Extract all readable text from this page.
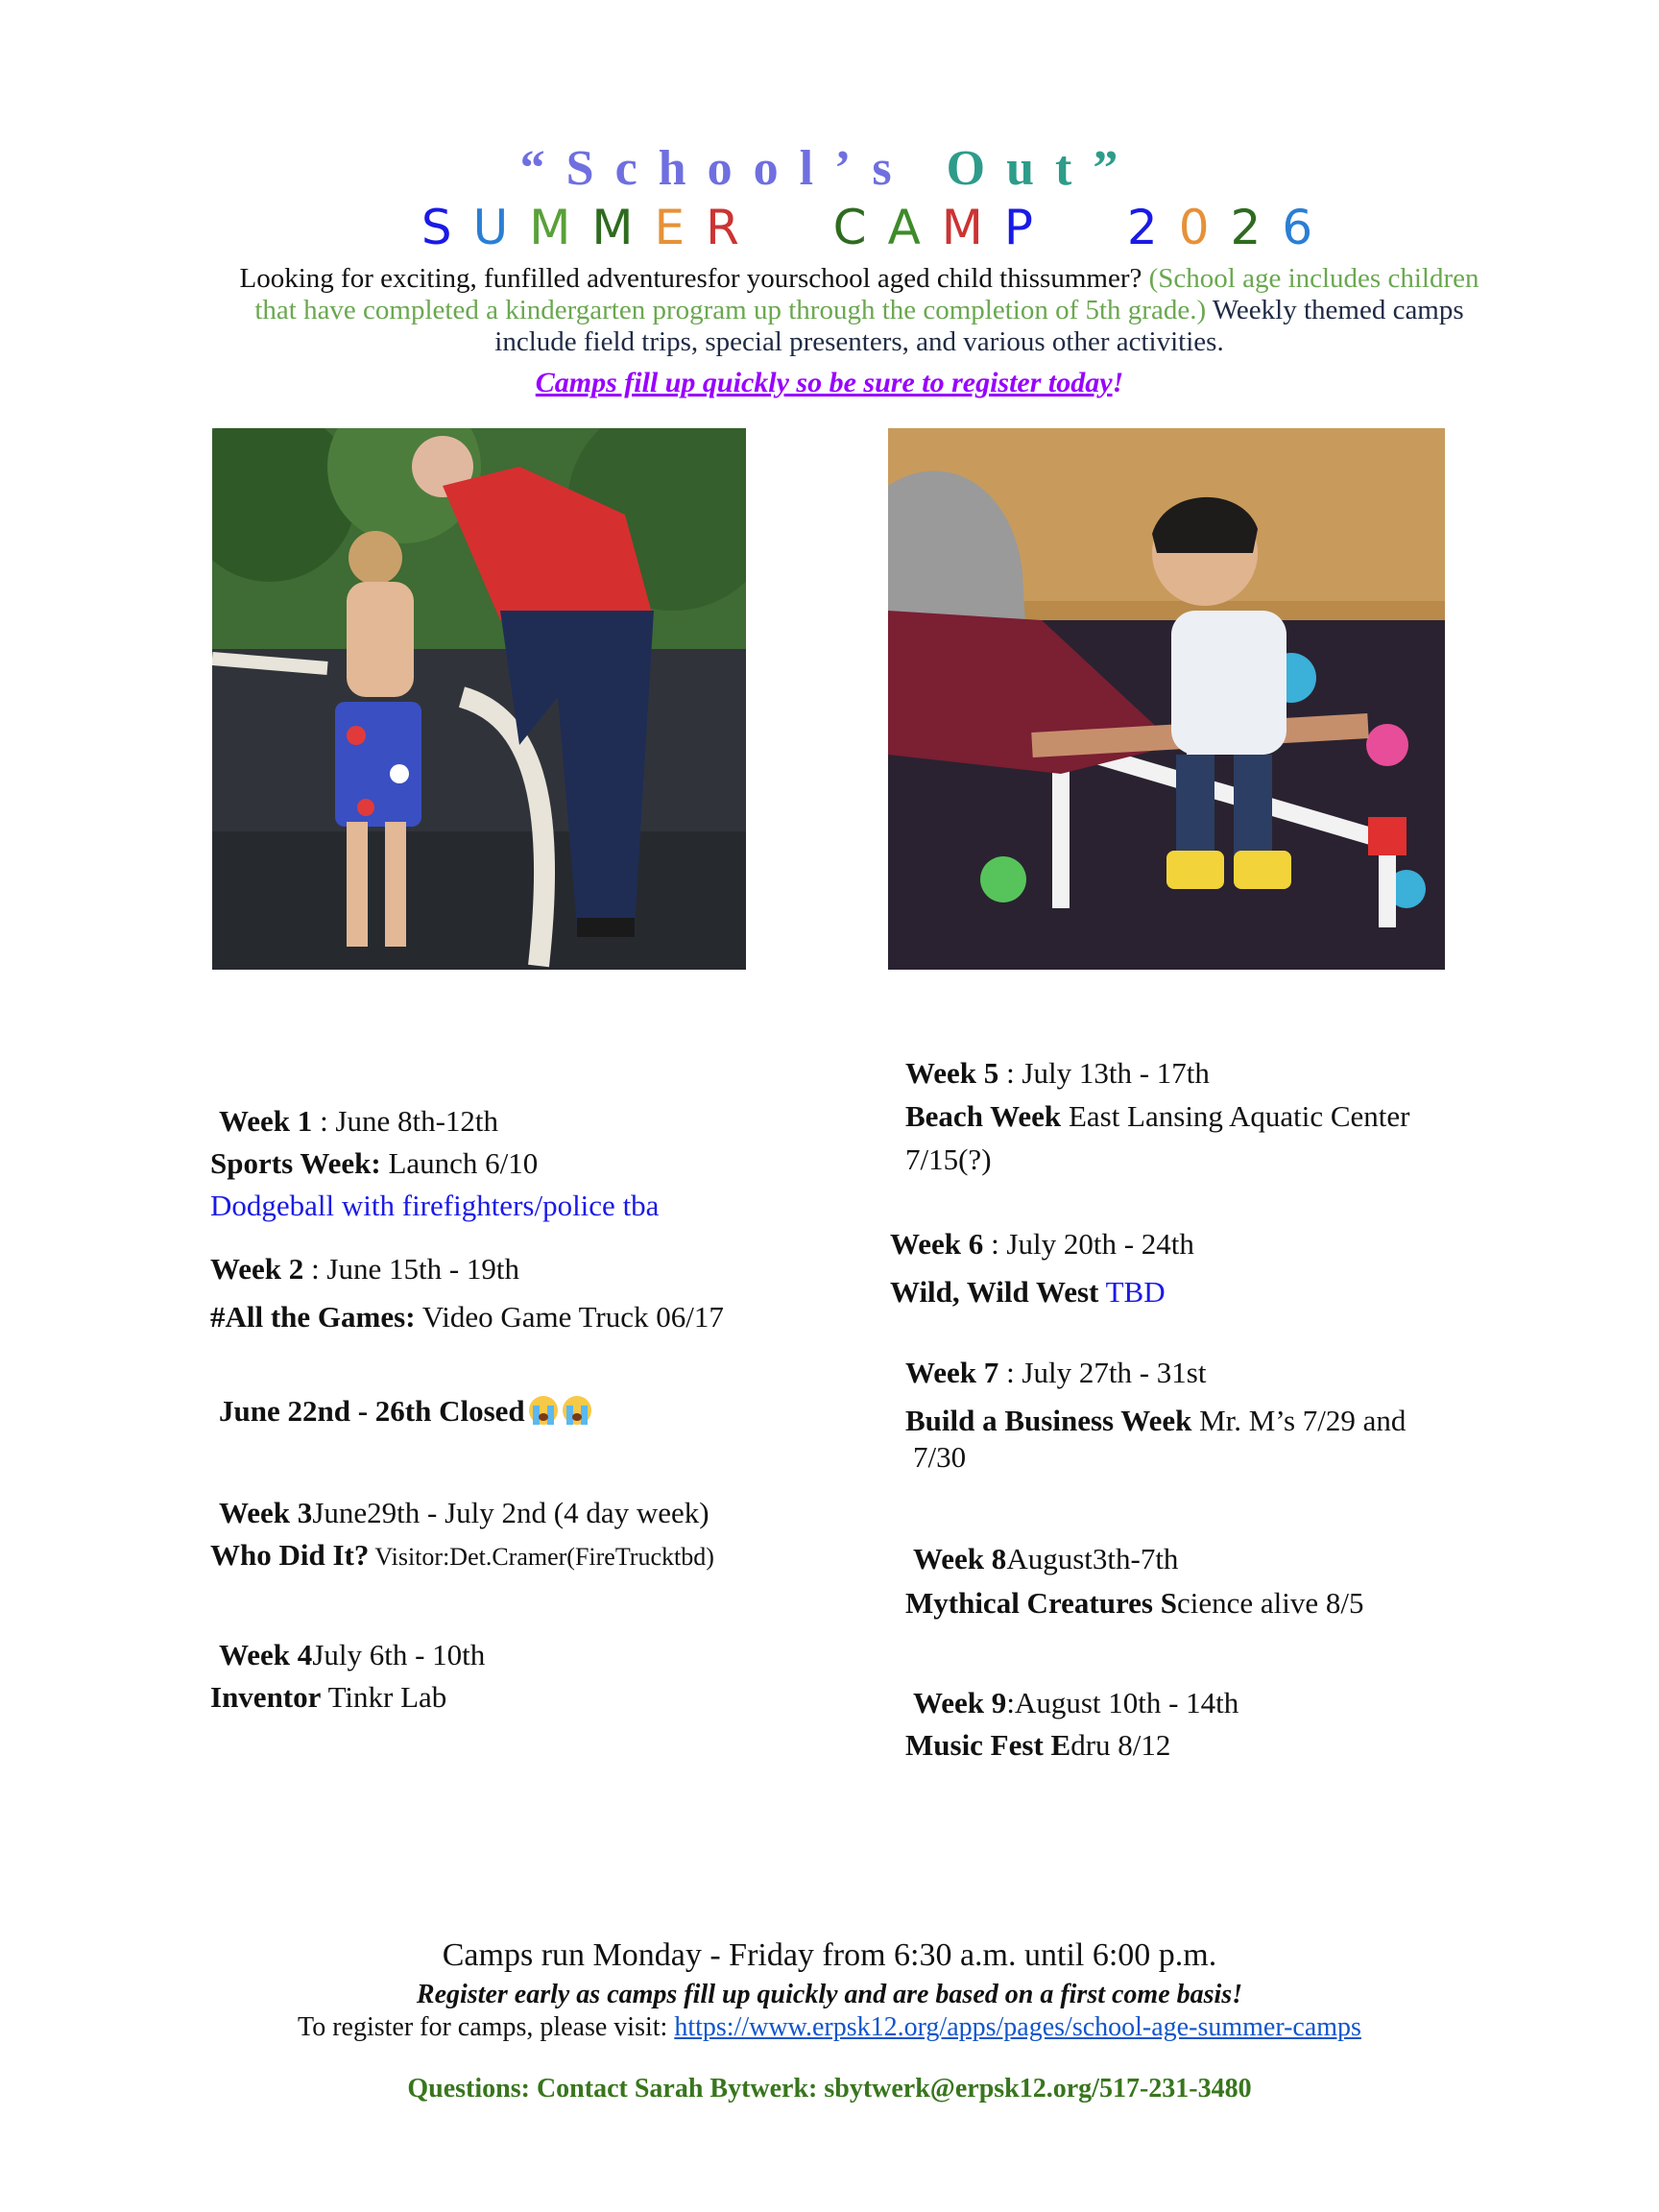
“School’s Out”
SUMMER CAMP 2026
Looking for exciting, funfilled adventuresfor yourschool aged child thissummer? (School age includes children that have completed a kindergarten program up through the completion of 5th grade.) Weekly themed camps include field trips, special presenters, and various other activities.
Camps fill up quickly so be sure to register today!
Week 1 : June 8th-12th
Sports Week: Launch 6/10
Dodgeball with firefighters/police tba
Week 2 : June 15th - 19th
#All the Games: Video Game Truck 06/17
June 22nd - 26th Closed
Week 3June29th - July 2nd (4 day week)
Who Did It? Visitor:Det.Cramer(FireTrucktbd)
Week 4July 6th - 10th
Inventor Tinkr Lab
Week 5 : July 13th - 17th
Beach Week East Lansing Aquatic Center
7/15(?)
Week 6 : July 20th - 24th
Wild, Wild West TBD
Week 7 : July 27th - 31st
Build a Business Week Mr. M’s 7/29 and
7/30
Week 8August3th-7th
Mythical Creatures Science alive 8/5
Week 9:August 10th - 14th
Music Fest Edru 8/12
Camps run Monday - Friday from 6:30 a.m. until 6:00 p.m.
Register early as camps fill up quickly and are based on a first come basis!
To register for camps, please visit: https://www.erpsk12.org/apps/pages/school-age-summer-camps
Questions: Contact Sarah Bytwerk: sbytwerk@erpsk12.org/517-231-3480
